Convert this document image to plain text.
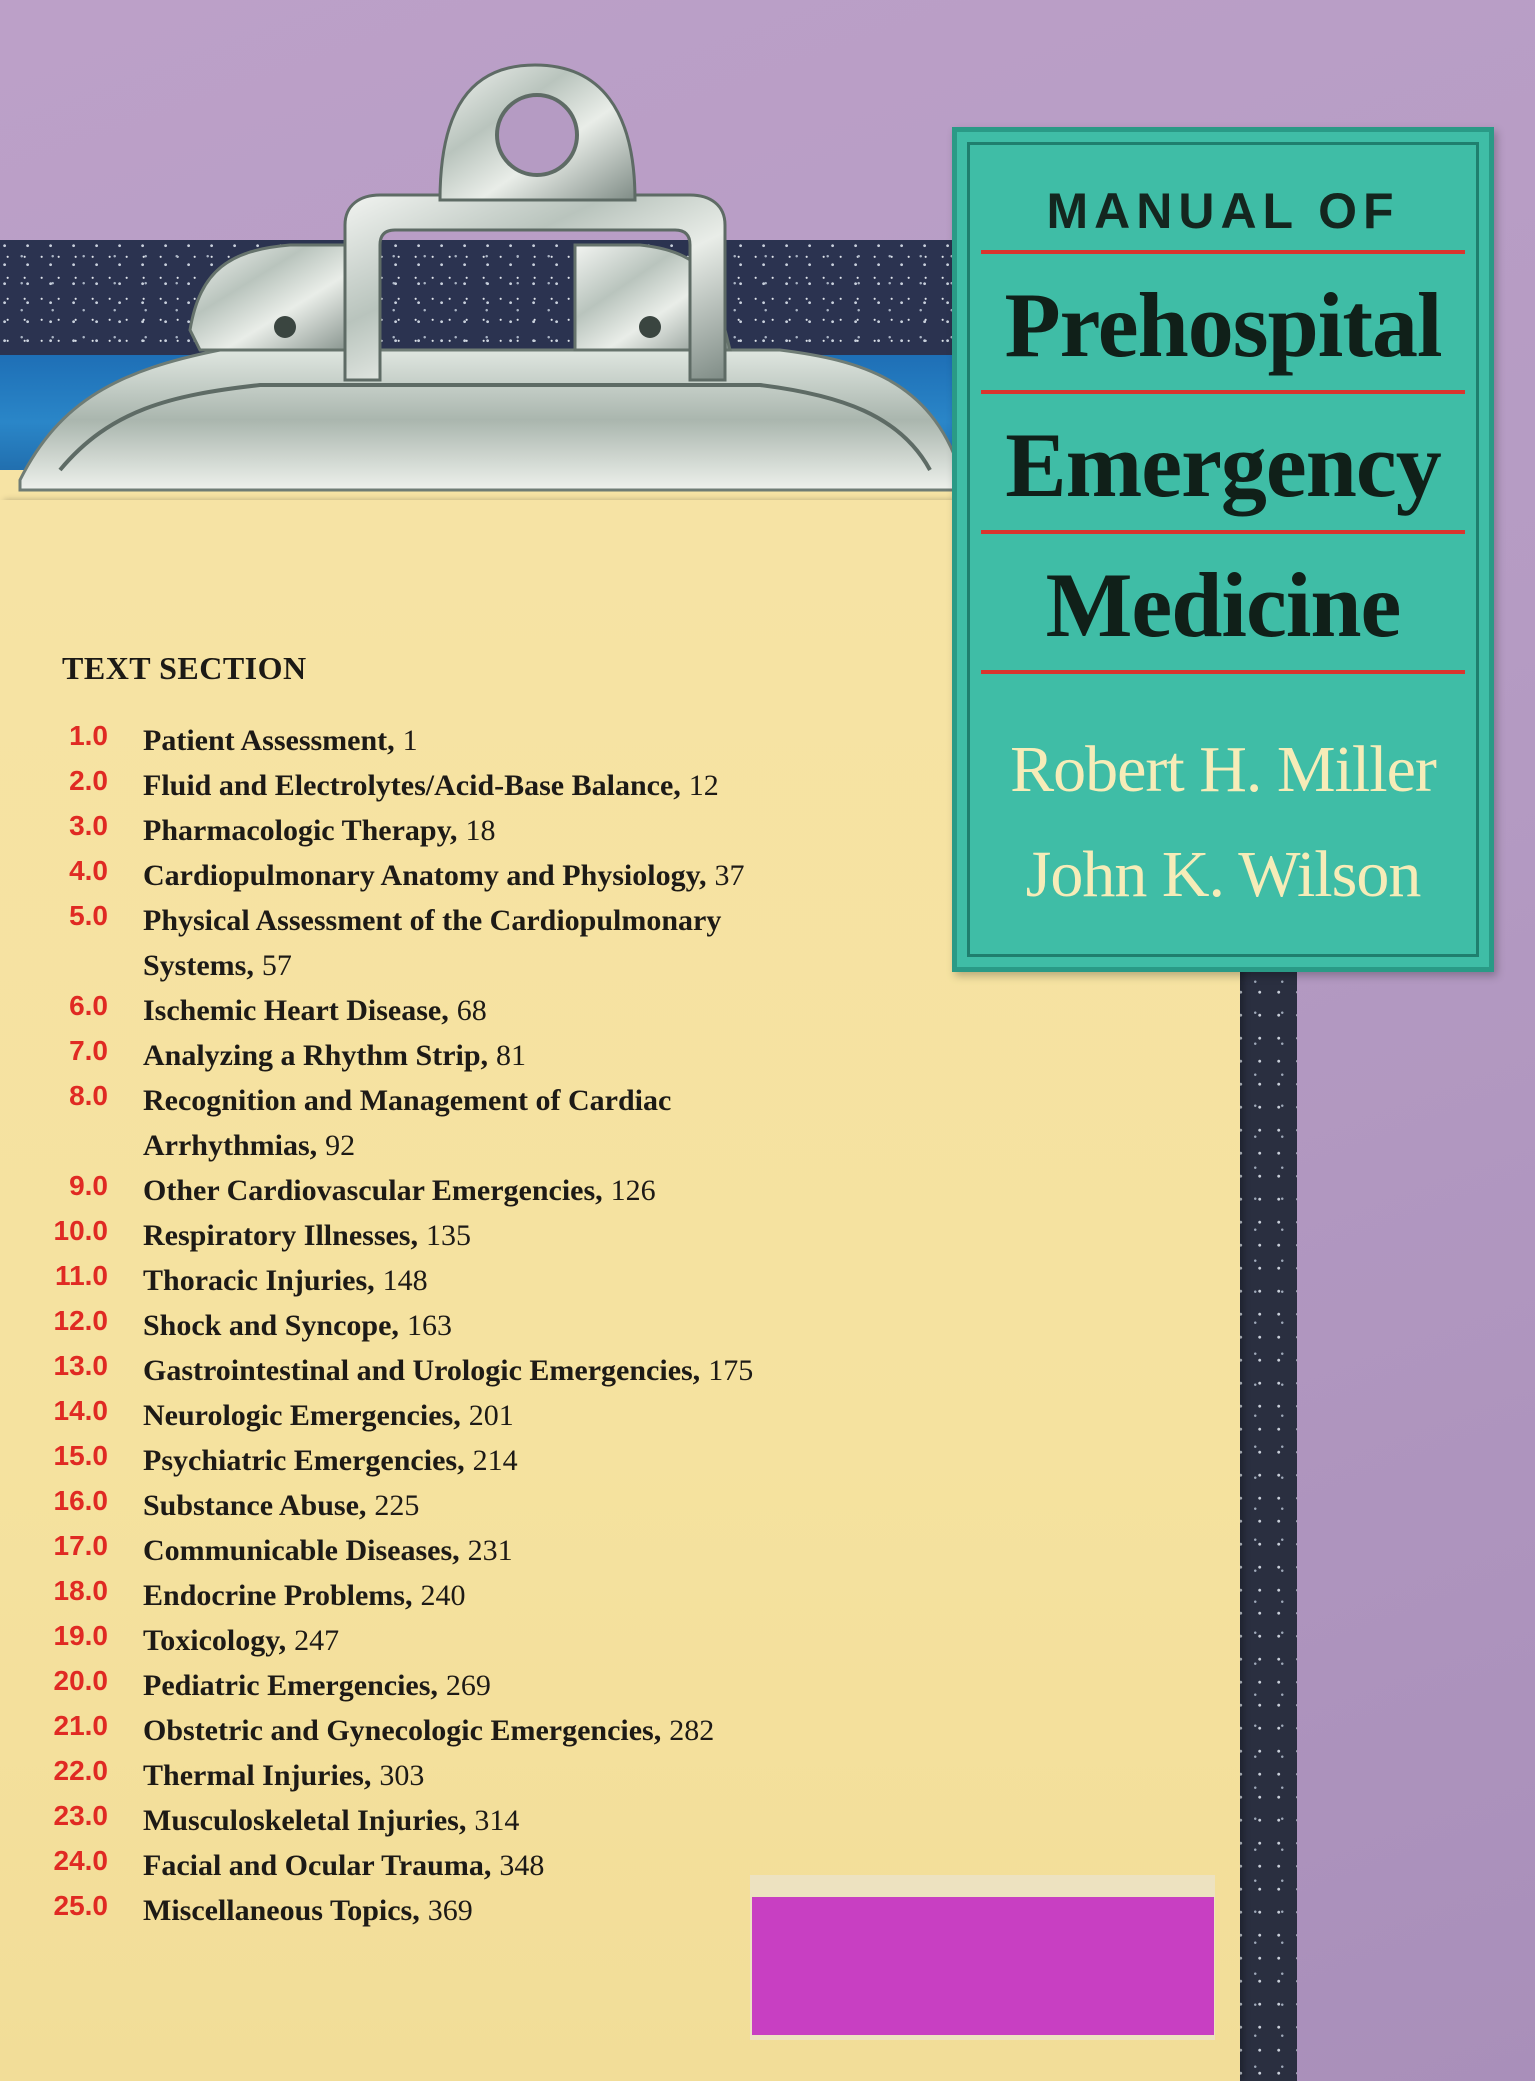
MANUAL OF
Prehospital
Emergency
Medicine
Robert H. Miller
John K. Wilson
TEXT SECTION
1.0 Patient Assessment, 1
2.0 Fluid and Electrolytes/Acid-Base Balance, 12
3.0 Pharmacologic Therapy, 18
4.0 Cardiopulmonary Anatomy and Physiology, 37
5.0 Physical Assessment of the Cardiopulmonary
Systems, 57
6.0 Ischemic Heart Disease, 68
7.0 Analyzing a Rhythm Strip, 81
8.0 Recognition and Management of Cardiac
Arrhythmias, 92
9.0 Other Cardiovascular Emergencies, 126
10.0 Respiratory Illnesses, 135
11.0 Thoracic Injuries, 148
12.0 Shock and Syncope, 163
13.0 Gastrointestinal and Urologic Emergencies, 175
14.0 Neurologic Emergencies, 201
15.0 Psychiatric Emergencies, 214
16.0 Substance Abuse, 225
17.0 Communicable Diseases, 231
18.0 Endocrine Problems, 240
19.0 Toxicology, 247
20.0 Pediatric Emergencies, 269
21.0 Obstetric and Gynecologic Emergencies, 282
22.0 Thermal Injuries, 303
23.0 Musculoskeletal Injuries, 314
24.0 Facial and Ocular Trauma, 348
25.0 Miscellaneous Topics, 369
